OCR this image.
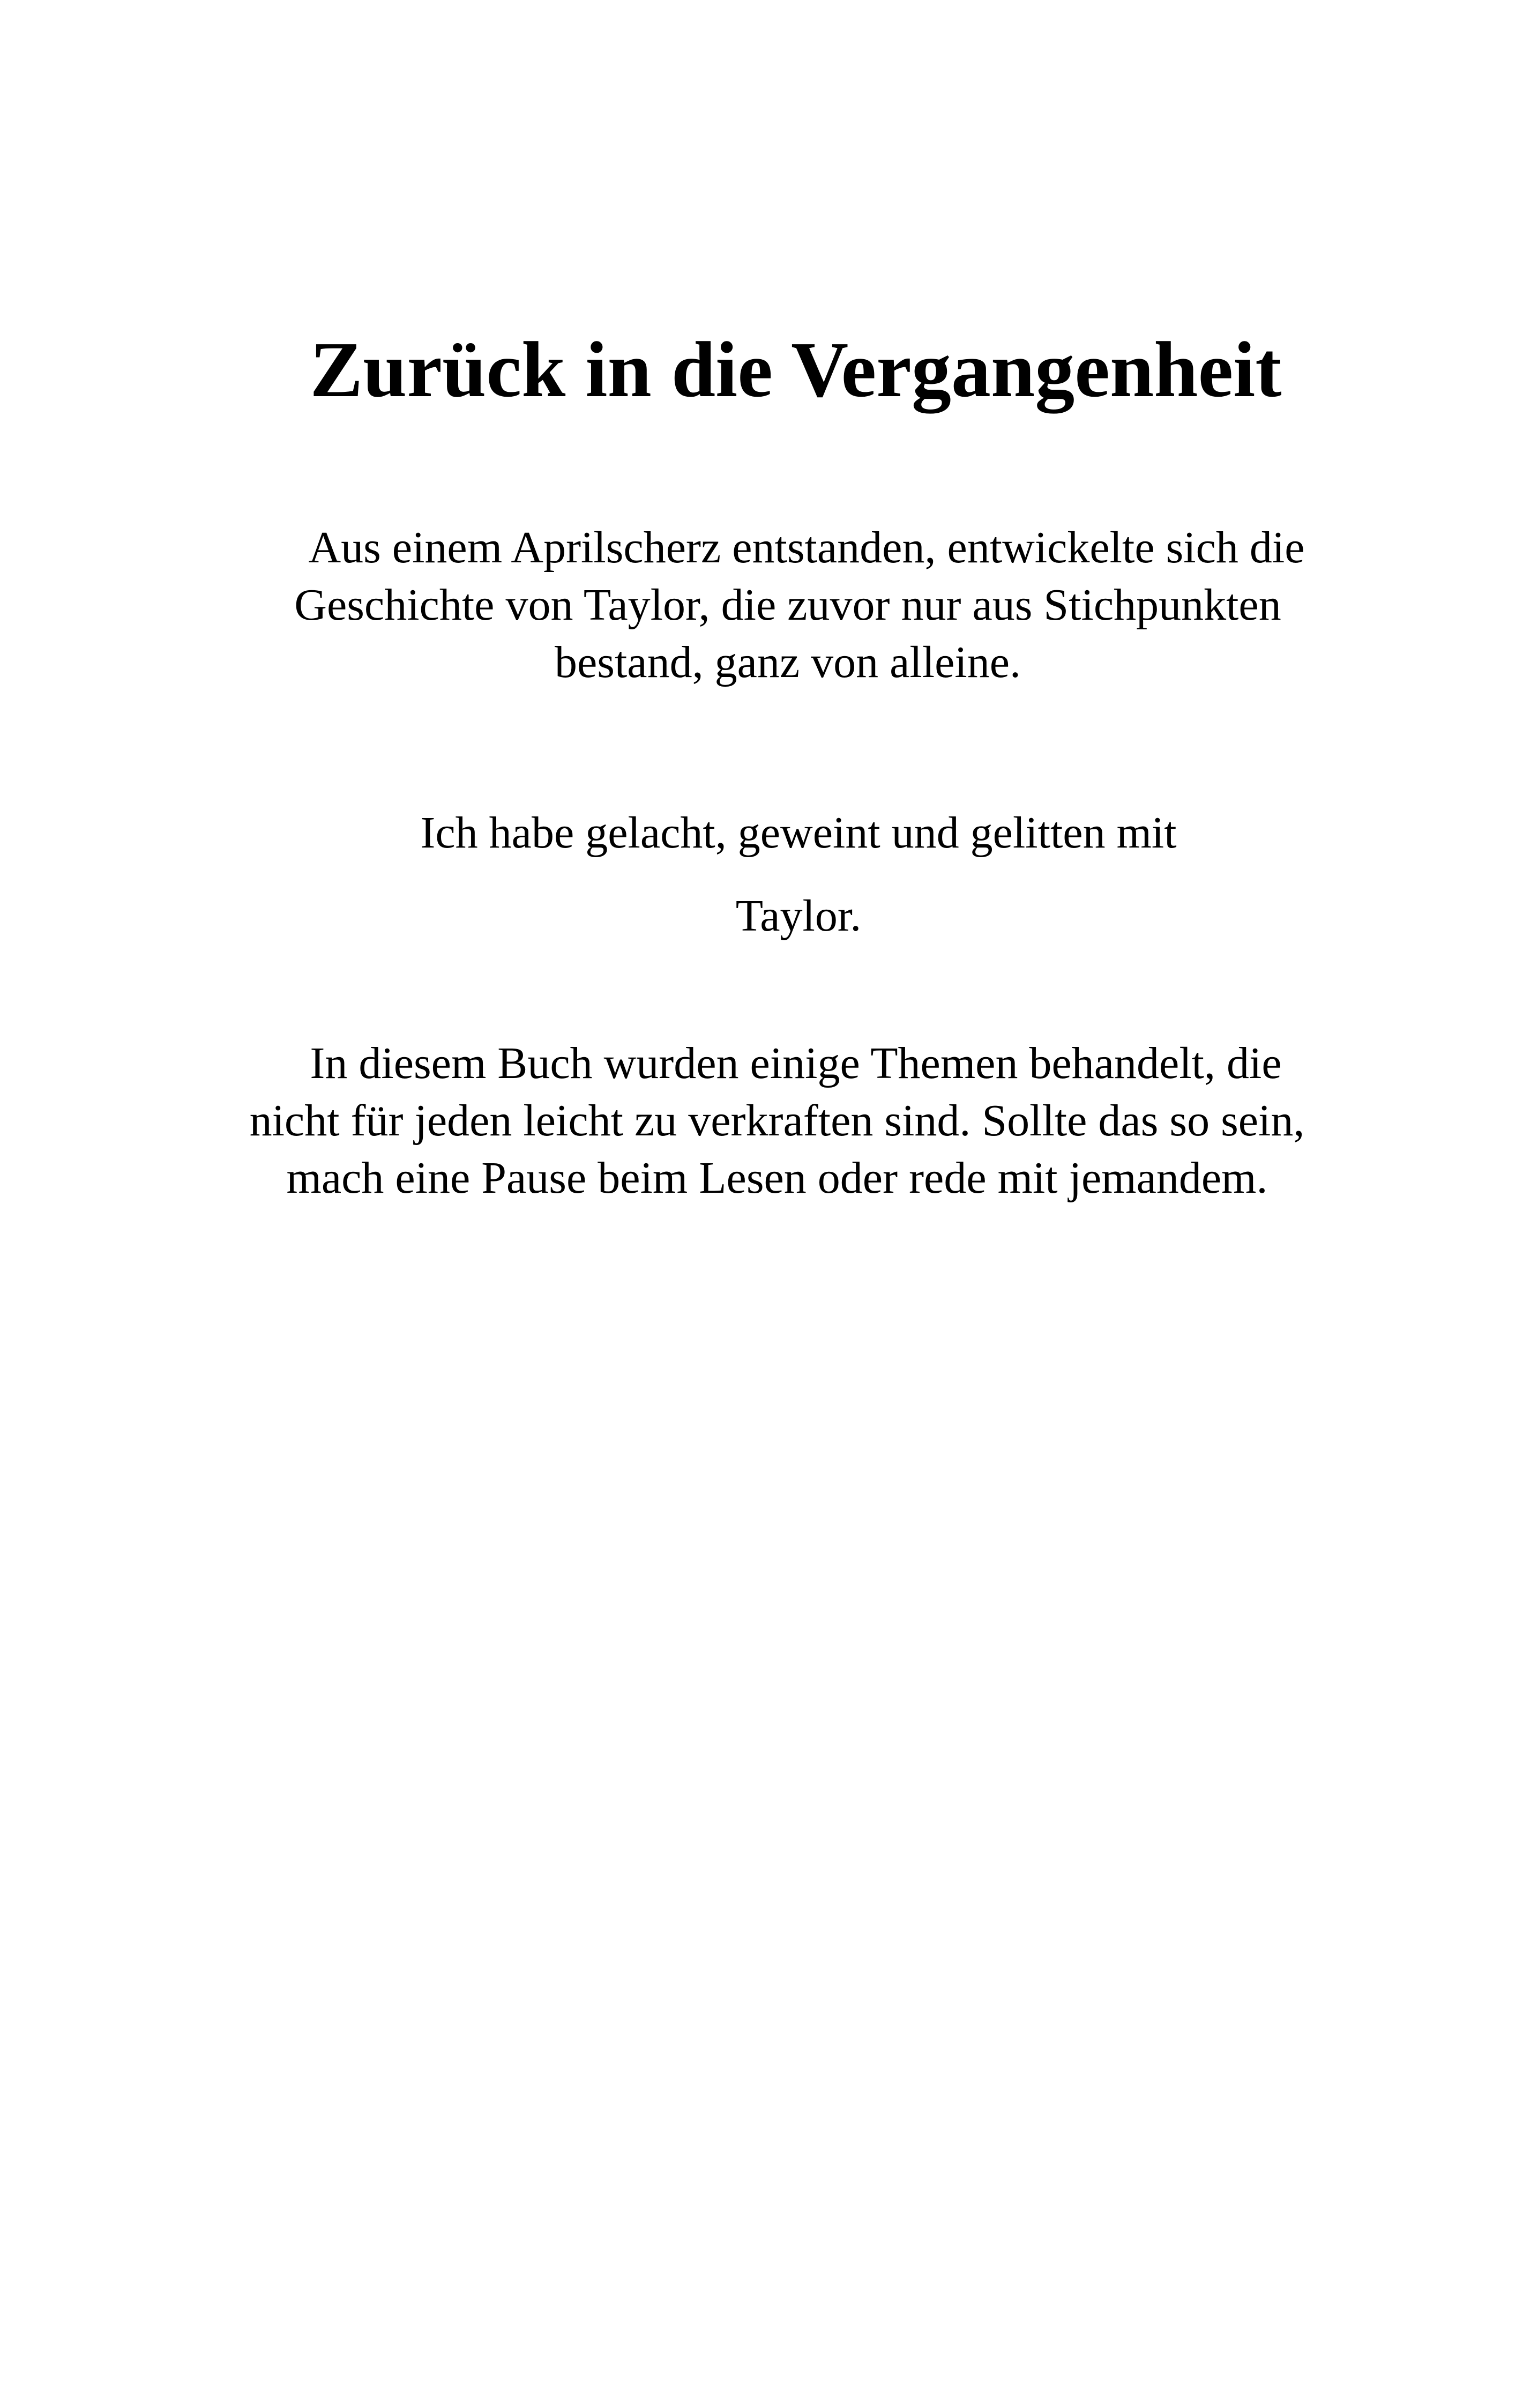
Zurück in die Vergangenheit

Aus einem Aprilscherz entstanden, entwickelte sich die
Geschichte von Taylor, die zuvor nur aus Stichpunkten
bestand, ganz von alleine.

Ich habe gelacht, geweint und gelitten mit
Taylor.

In diesem Buch wurden einige Themen behandelt, die
nicht für jeden leicht zu verkraften sind. Sollte das so sein,
mach eine Pause beim Lesen oder rede mit jemandem.
